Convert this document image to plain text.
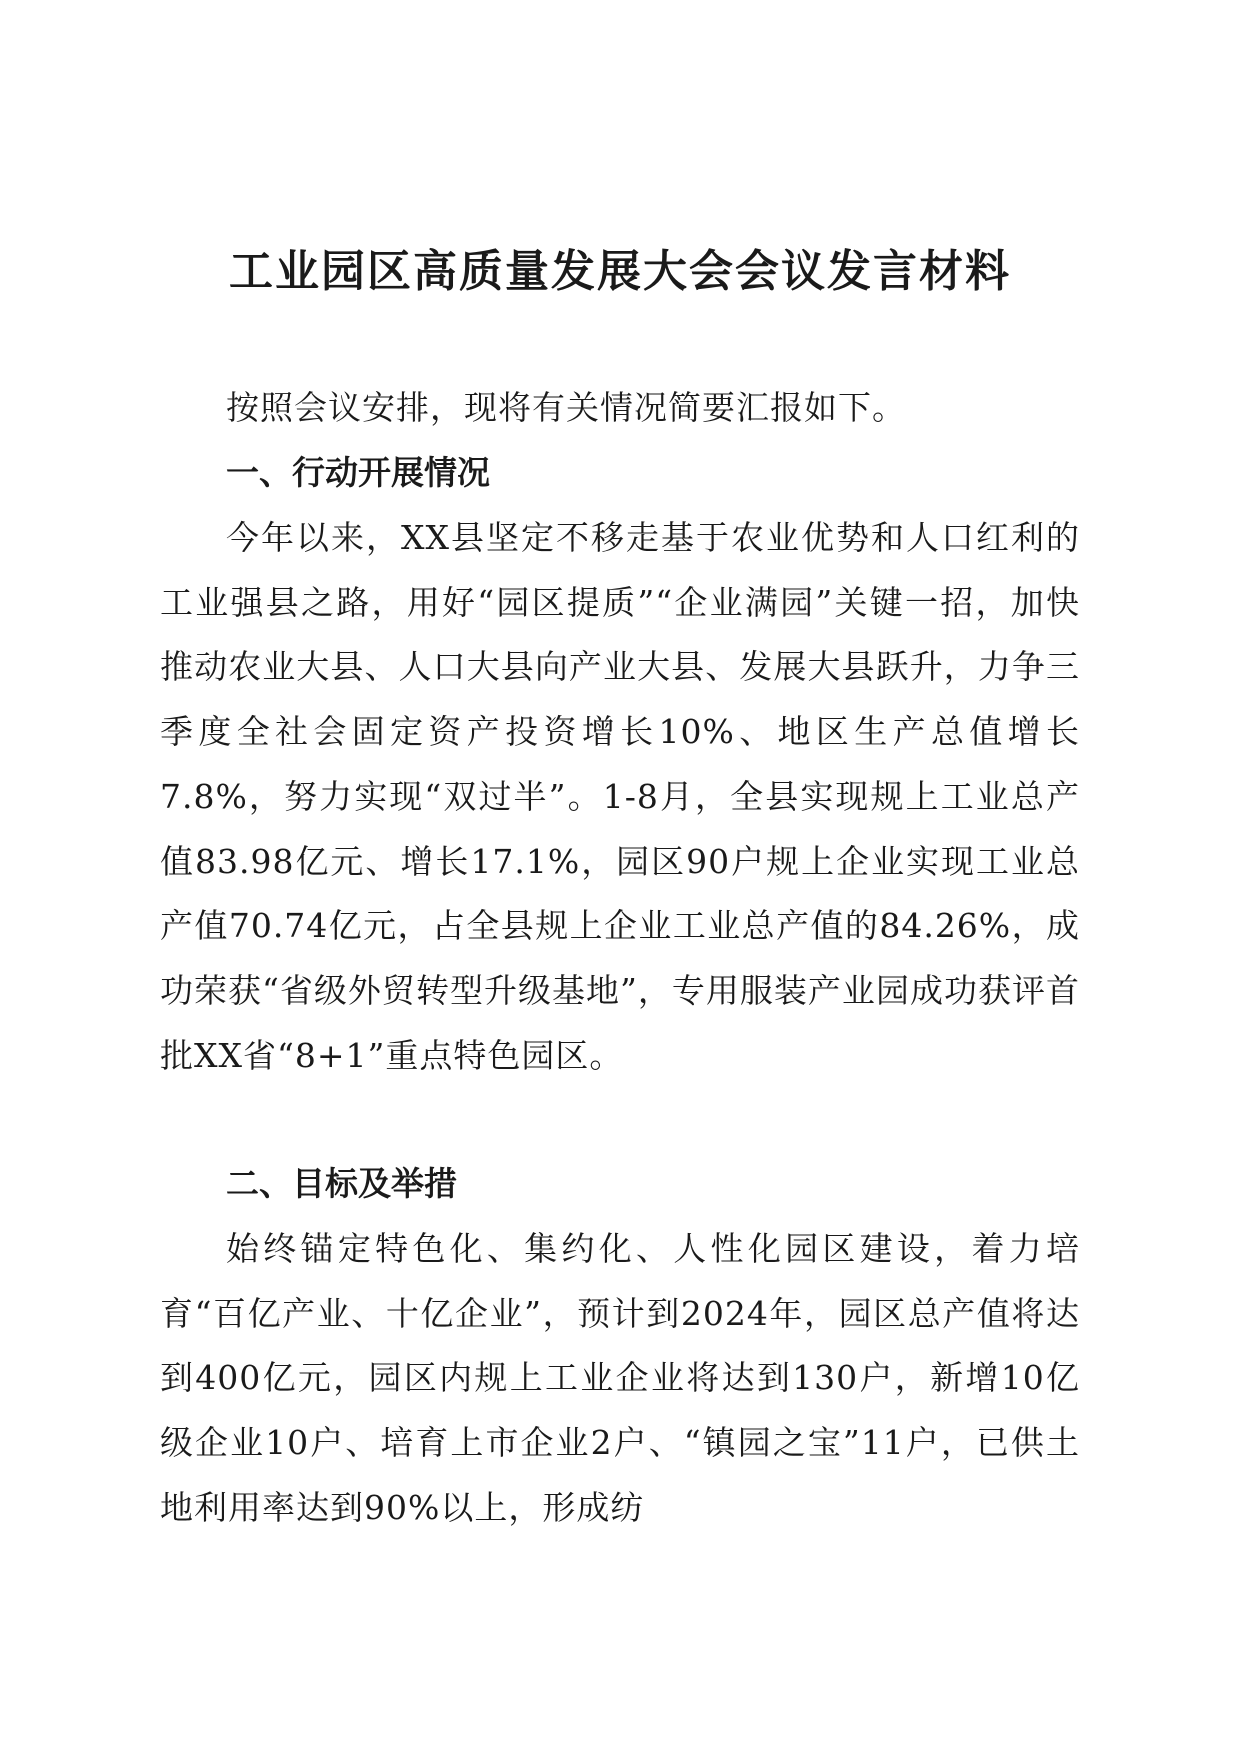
工业园区高质量发展大会会议发言材料
按照会议安排，现将有关情况简要汇报如下。
一、行动开展情况
今年以来，XX县坚定不移走基于农业优势和人口红利的工业强县之路，用好“园区提质”“企业满园”关键一招，加快推动农业大县、人口大县向产业大县、发展大县跃升，力争三季度全社会固定资产投资增长10%、地区生产总值增长7.8%，努力实现“双过半”。1-8月，全县实现规上工业总产值83.98亿元、增长17.1%，园区90户规上企业实现工业总产值70.74亿元，占全县规上企业工业总产值的84.26%，成功荣获“省级外贸转型升级基地”，专用服装产业园成功获评首批XX省“8+1”重点特色园区。
二、目标及举措
始终锚定特色化、集约化、人性化园区建设，着力培育“百亿产业、十亿企业”，预计到2024年，园区总产值将达到400亿元，园区内规上工业企业将达到130户，新增10亿级企业10户、培育上市企业2户、“镇园之宝”11户，已供土地利用率达到90%以上，形成纺
